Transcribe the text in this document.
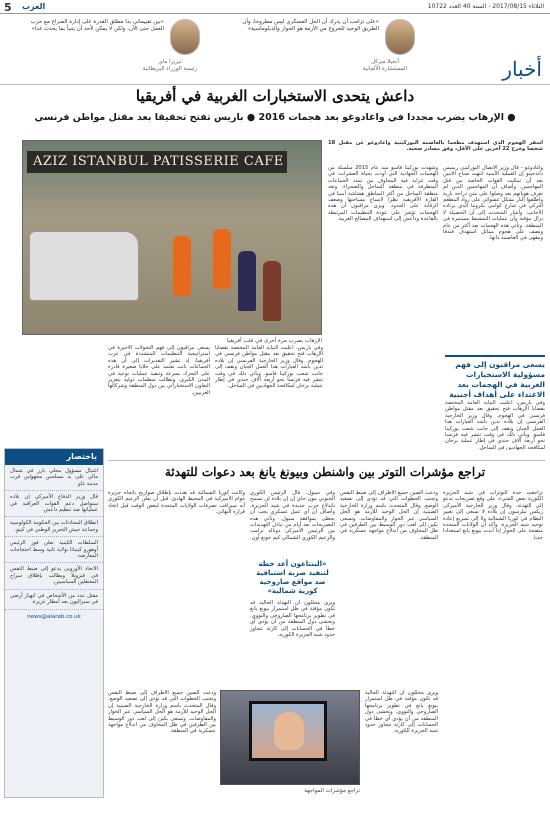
5 العرب	الثلاثاء 2017/08/15 - السنة 40 العدد 10722
«بين تقييماتي بدا مطلق القدرة على إدارة الصراع مع حزب العمل حتى الآن، ولكن لا يمكن لأحد أن يتنبأ بما يحدث غدا»
تيريزا ماي
رئيسة الوزراء البريطانية
«على ترامب أن يدرك أن الحل العسكري ليس مطروحا، وأن الطريق الوحيد للخروج من الأزمة هو الحوار والدبلوماسية»
أنجيلا ميركل
المستشارة الألمانية	أخبار
داعش يتحدى الاستخبارات الغربية في أفريقيا
● الإرهاب يضرب مجددا في واغادوغو بعد هجمات 2016 ● باريس تفتح تحقيقا بعد مقتل مواطن فرنسي
أسفر الهجوم الذي استهدف مطعما بالعاصمة البوركينية واغادوغو عن مقتل 18 شخصا وجرح 22 آخرين على الأقل، وفق مصادر صحية.
AZIZ ISTANBUL PATISSERIE CAFE
الإرهاب يضرب مرة أخرى في قلب أفريقيا
واغادوغو - قال وزير الاتصال البوركيني ريميس داندجينو إن العملية الأمنية انتهت صباح الاثنين بعد أن تمكنت القوات الخاصة من قتل المهاجمين. وأضاف أن المهاجمين الذين لم تعرف هوياتهم بعد وصلوا على متن دراجة نارية وأطلقوا النار بشكل عشوائي على رواد المطعم التركي في شارع كوامي نكروما الذي يرتاده الأجانب. وأشار المتحدث إلى أن الحصيلة لا تزال مؤقتة وأن عمليات التمشيط مستمرة في المنطقة. وتأتي هذه الهجمات بعد أكثر من عام ونصف على هجوم مماثل استهدف فندقا ومقهى في العاصمة ذاتها.
وشهدت بوركينا فاسو منذ عام 2015 سلسلة من الهجمات الجهادية التي أودت بحياة العشرات، في وقت تتزايد فيه المخاوف من تمدد الجماعات المتطرفة في منطقة الساحل والصحراء. وتعد منطقة الساحل من أكثر المناطق هشاشة أمنيا في القارة الأفريقية نظرا لاتساع مساحتها وضعف الرقابة على الحدود. ويرى مراقبون أن هذه الهجمات تؤشر على عودة التنظيمات المرتبطة بالقاعدة وداعش إلى استهداف المصالح الغربية.
وفي باريس، أعلنت النيابة العامة المختصة بقضايا الإرهاب فتح تحقيق بعد مقتل مواطن فرنسي في الهجوم. وقال وزير الخارجية الفرنسي إن بلاده تدين بأشد العبارات هذا العمل الجبان وتقف إلى جانب شعب بوركينا فاسو. ويأتي ذلك في وقت تنشر فيه فرنسا نحو أربعة آلاف جندي في إطار عملية برخان لمكافحة الجهاديين في الساحل.
يسعى مراقبون إلى فهم التحولات الأخيرة في استراتيجية التنظيمات المتشددة في غرب أفريقيا، إذ تشير التقديرات إلى أن هذه الجماعات باتت تعتمد على خلايا صغيرة قادرة على التحرك بسرعة وتنفيذ عمليات نوعية في المدن الكبرى. وتطالب منظمات دولية بتعزيز التعاون الاستخباراتي بين دول المنطقة وشركائها الغربيين.
يسعى مراقبون إلى فهم مسؤولية الاستخبارات الغربية في الهجمات بعد الاعتداء على أهداف أجنبية
وفي باريس، أعلنت النيابة العامة المختصة بقضايا الإرهاب فتح تحقيق بعد مقتل مواطن فرنسي في الهجوم. وقال وزير الخارجية الفرنسي إن بلاده تدين بأشد العبارات هذا العمل الجبان وتقف إلى جانب شعب بوركينا فاسو. ويأتي ذلك في وقت تنشر فيه فرنسا نحو أربعة آلاف جندي في إطار عملية برخان لمكافحة الجهاديين في الساحل.
باختصار
اغتيال مسؤول محلي بارز في شمال مالي على يد مسلحين مجهولين قرب مدينة غاو.
قال وزير الدفاع الأميركي إن بلاده ستواصل دعم القوات العراقية في عملياتها ضد تنظيم داعش.
انطلاق المحادثات بين الحكومة الكولومبية وجماعة جيش التحرير الوطني في كيتو.
السلطات الكينية تعلن فوز الرئيس أوهورو كينياتا بولاية ثانية وسط احتجاجات المعارضة.
الاتحاد الأوروبي يدعو إلى ضبط النفس في فنزويلا ويطالب بإطلاق سراح المعتقلين السياسيين.
مقتل عدد من الأشخاص في انهيار أرضي في سيراليون بعد أمطار غزيرة.
news@alarab.co.uk
تراجع مؤشرات التوتر بين واشنطن وبيونغ يانغ بعد دعوات للتهدئة
تراجعت حدة التوترات في شبه الجزيرة الكورية بعض الشيء، على وقع تصريحات تدعو إلى التهدئة. وقال وزير الخارجية الأميركي ريكس تيلرسون إن بلاده لا تسعى إلى تغيير النظام في كوريا الشمالية ولا إلى تسريع إعادة توحيد شبه الجزيرة. وأكد أن الولايات المتحدة منفتحة على الحوار إذا أبدت بيونغ يانغ استعدادا جديا.
ودعت الصين جميع الأطراف إلى ضبط النفس وتجنب الخطوات التي قد تؤدي إلى تصعيد الوضع. وقال المتحدث باسم وزارة الخارجية الصينية إن الحل الوحيد للأزمة هو الحل السياسي عبر الحوار والمفاوضات. وتسعى بكين إلى لعب دور الوسيط بين الطرفين في ظل المخاوف من اندلاع مواجهة عسكرية في المنطقة.
وفي سيول، قال الرئيس الكوري الجنوبي مون جاي إن إن بلاده لن تسمح باندلاع حرب جديدة في شبه الجزيرة. وأضاف أن أي عمل عسكري يجب أن يحظى بموافقة سيول. وتأتي هذه التصريحات بعد أيام من تبادل التهديدات بين الرئيس الأميركي دونالد ترامب والزعيم الكوري الشمالي كيم جونغ أون.
«البنتاغون أعد خطة لتنفيذ ضربة استباقية ضد مواقع صاروخية كورية شمالية»
ويرى محللون أن التهدئة الحالية قد تكون مؤقتة في ظل استمرار بيونغ يانغ في تطوير برنامجها الصاروخي والنووي. وتخشى دول المنطقة من أن يؤدي أي خطأ في الحسابات إلى كارثة تتجاوز حدود شبه الجزيرة الكورية.
وكانت كوريا الشمالية قد هددت بإطلاق صواريخ باتجاه جزيرة غوام الأميركية في المحيط الهادئ، قبل أن يعلن الزعيم الكوري أنه سيراقب تصرفات الولايات المتحدة لبعض الوقت قبل اتخاذ قراره النهائي.
ودعت الصين جميع الأطراف إلى ضبط النفس وتجنب الخطوات التي قد تؤدي إلى تصعيد الوضع. وقال المتحدث باسم وزارة الخارجية الصينية إن الحل الوحيد للأزمة هو الحل السياسي عبر الحوار والمفاوضات. وتسعى بكين إلى لعب دور الوسيط بين الطرفين في ظل المخاوف من اندلاع مواجهة عسكرية في المنطقة.
ويرى محللون أن التهدئة الحالية قد تكون مؤقتة في ظل استمرار بيونغ يانغ في تطوير برنامجها الصاروخي والنووي. وتخشى دول المنطقة من أن يؤدي أي خطأ في الحسابات إلى كارثة تتجاوز حدود شبه الجزيرة الكورية.
تراجع مؤشرات المواجهة
